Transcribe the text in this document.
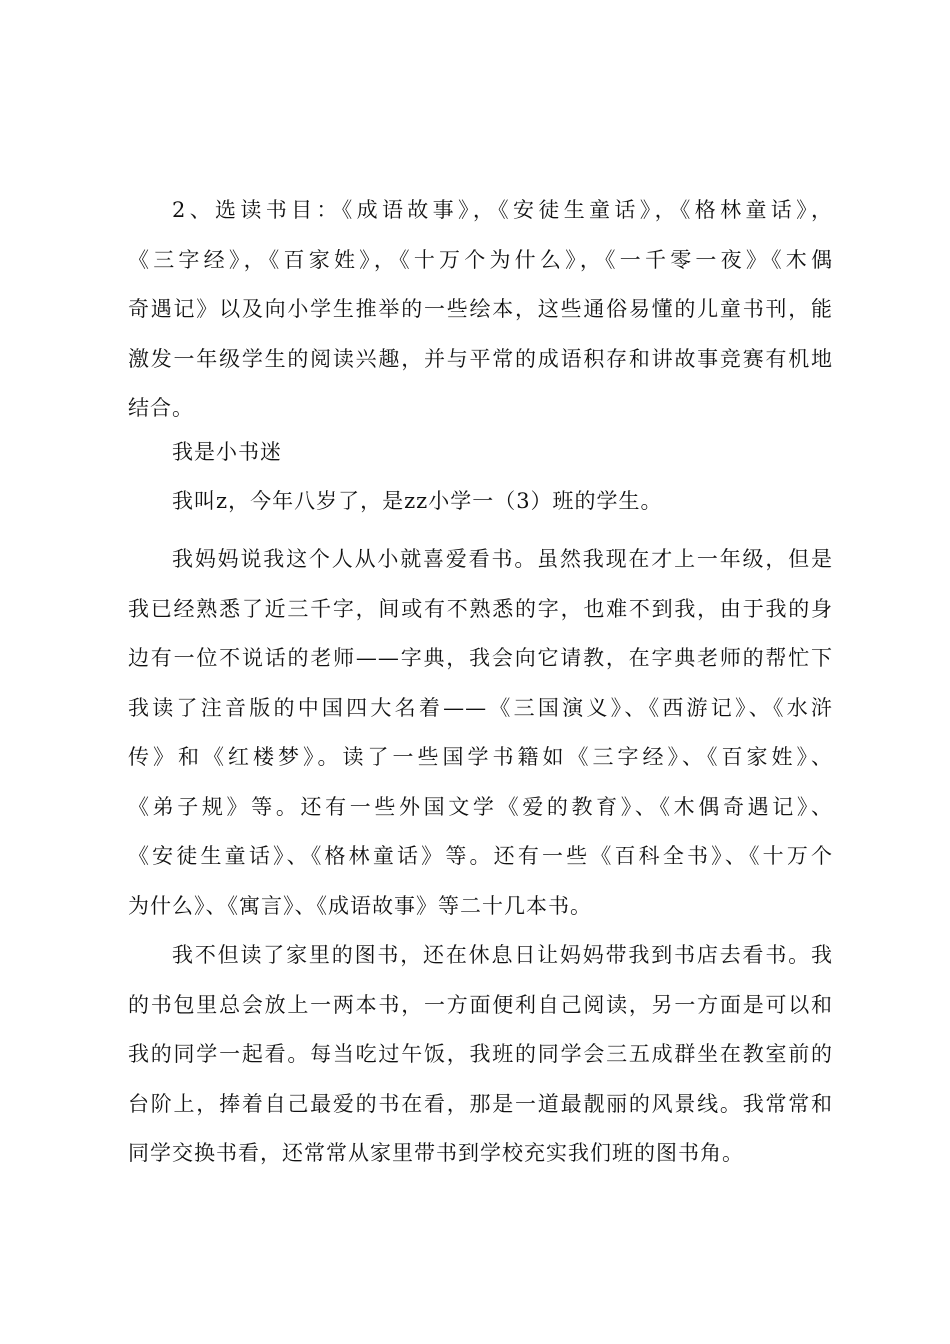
2、选读书目：《成语故事》，《安徒生童话》，《格林童话》，
《三字经》，《百家姓》，《十万个为什么》，《一千零一夜》《木偶
奇遇记》以及向小学生推举的一些绘本，这些通俗易懂的儿童书刊，能
激发一年级学生的阅读兴趣，并与平常的成语积存和讲故事竞赛有机地
结合。
我是小书迷
我叫z，今年八岁了，是zz小学一（3）班的学生。
我妈妈说我这个人从小就喜爱看书。虽然我现在才上一年级，但是
我已经熟悉了近三千字，间或有不熟悉的字，也难不到我，由于我的身
边有一位不说话的老师——字典，我会向它请教，在字典老师的帮忙下
我读了注音版的中国四大名着——《三国演义》、《西游记》、《水浒
传》和《红楼梦》。读了一些国学书籍如《三字经》、《百家姓》、
《弟子规》等。还有一些外国文学《爱的教育》、《木偶奇遇记》、
《安徒生童话》、《格林童话》等。还有一些《百科全书》、《十万个
为什么》、《寓言》、《成语故事》等二十几本书。
我不但读了家里的图书，还在休息日让妈妈带我到书店去看书。我
的书包里总会放上一两本书，一方面便利自己阅读，另一方面是可以和
我的同学一起看。每当吃过午饭，我班的同学会三五成群坐在教室前的
台阶上，捧着自己最爱的书在看，那是一道最靓丽的风景线。我常常和
同学交换书看，还常常从家里带书到学校充实我们班的图书角。
